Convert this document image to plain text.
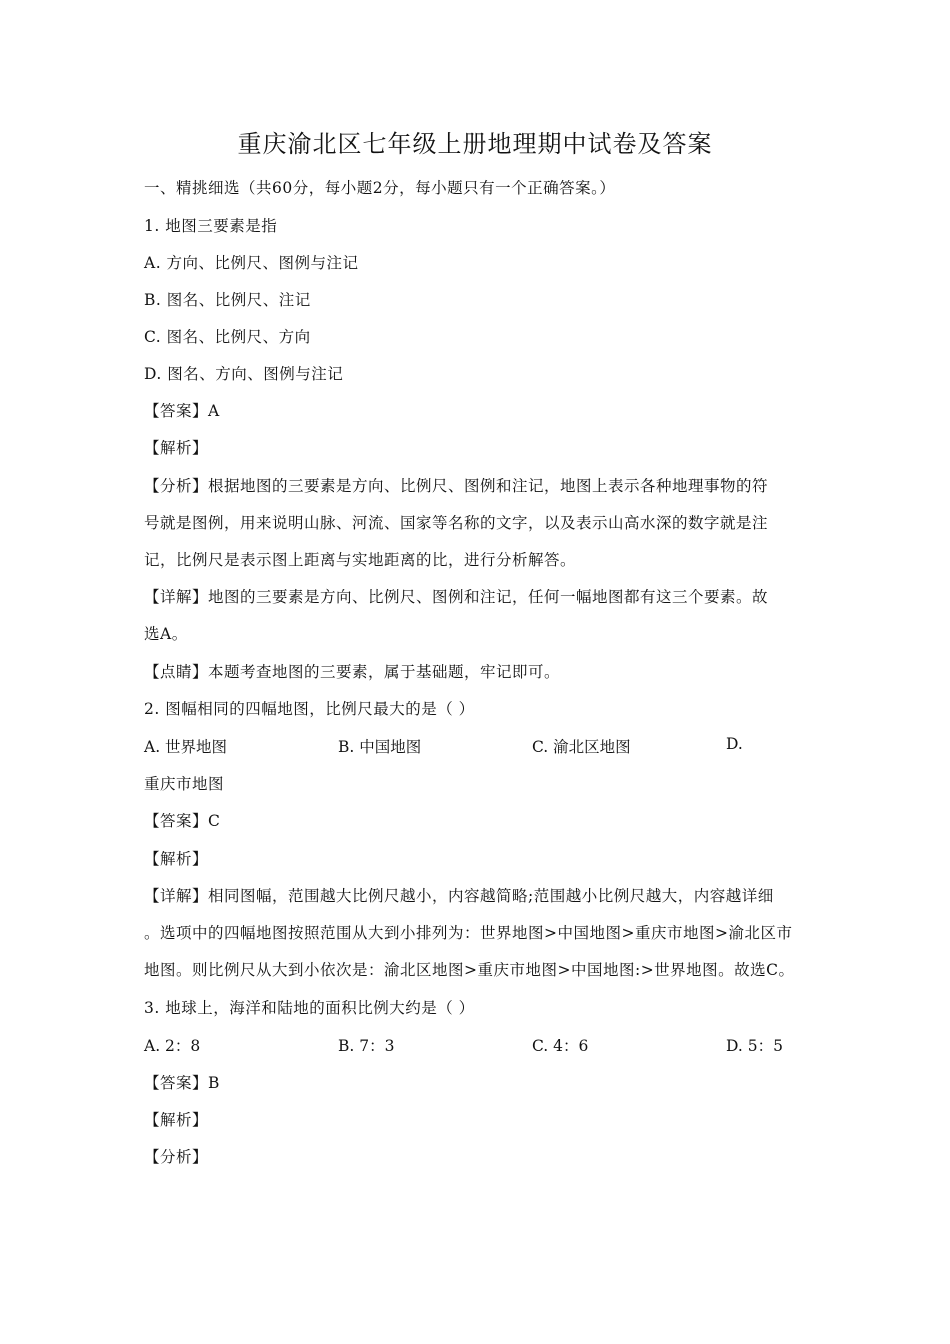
重庆渝北区七年级上册地理期中试卷及答案
一、精挑细选（共60分，每小题2分，每小题只有一个正确答案。）
1. 地图三要素是指
A. 方向、比例尺、图例与注记
B. 图名、比例尺、注记
C. 图名、比例尺、方向
D. 图名、方向、图例与注记
【答案】A
【解析】
【分析】根据地图的三要素是方向、比例尺、图例和注记，地图上表示各种地理事物的符
号就是图例，用来说明山脉、河流、国家等名称的文字，以及表示山高水深的数字就是注
记，比例尺是表示图上距离与实地距离的比，进行分析解答。
【详解】地图的三要素是方向、比例尺、图例和注记，任何一幅地图都有这三个要素。故
选A。
【点睛】本题考查地图的三要素，属于基础题，牢记即可。
2. 图幅相同的四幅地图，比例尺最大的是（ ）
A. 世界地图	B. 中国地图	C. 渝北区地图	D.
重庆市地图
【答案】C
【解析】
【详解】相同图幅，范围越大比例尺越小，内容越简略;范围越小比例尺越大，内容越详细
。选项中的四幅地图按照范围从大到小排列为：世界地图>中国地图>重庆市地图>渝北区市
地图。则比例尺从大到小依次是：渝北区地图>重庆市地图>中国地图:>世界地图。故选C。
3. 地球上，海洋和陆地的面积比例大约是（ ）
A. 2：8	B. 7：3	C. 4：6	D. 5：5
【答案】B
【解析】
【分析】
